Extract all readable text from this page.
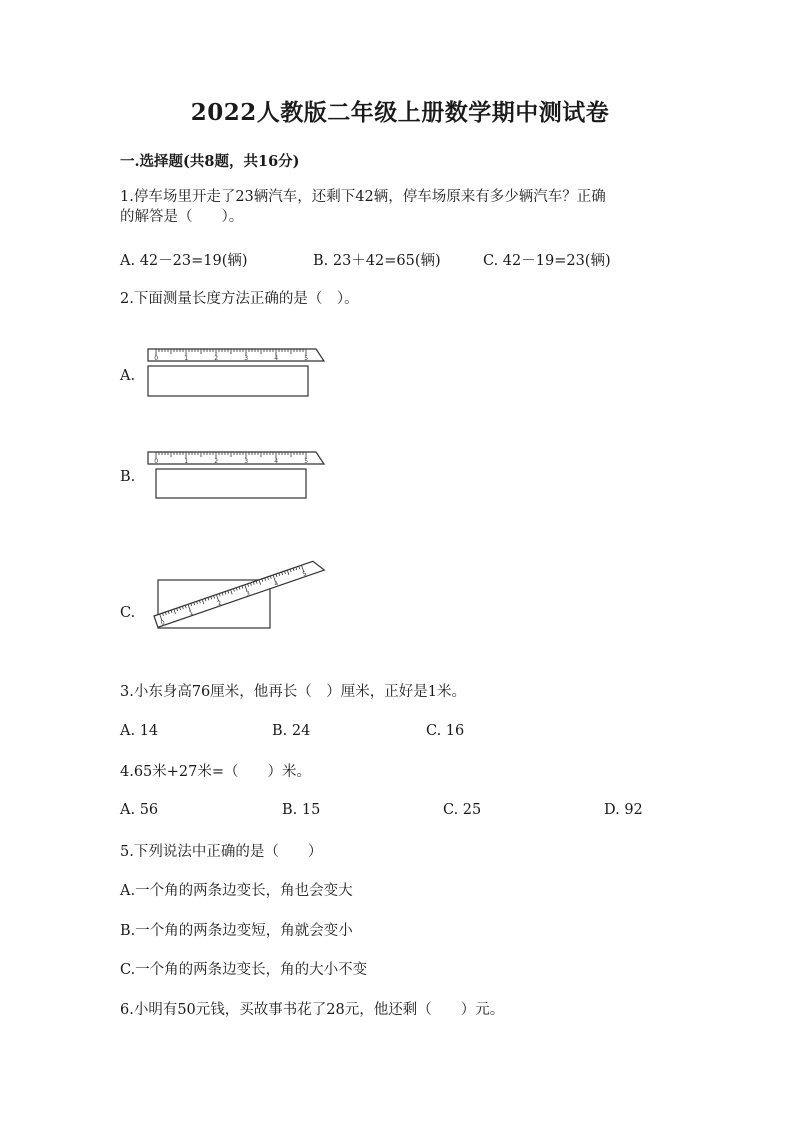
2022人教版二年级上册数学期中测试卷
一.选择题(共8题，共16分)
1.停车场里开走了23辆汽车，还剩下42辆，停车场原来有多少辆汽车？正确
的解答是（　　）。
A. 42－23=19(辆)	B. 23＋42=65(辆)	C. 42－19=23(辆)
2.下面测量长度方法正确的是（　）。
A.
0	1	2	3	4	5
B.
0	1	2	3	4	5
C.
0
1
2
3
4
5
3.小东身高76厘米，他再长（　）厘米，正好是1米。
A. 14	B. 24	C. 16
4.65米+27米=（　　）米。
A. 56	B. 15	C. 25	D. 92
5.下列说法中正确的是（　　）
A.一个角的两条边变长，角也会变大
B.一个角的两条边变短，角就会变小
C.一个角的两条边变长，角的大小不变
6.小明有50元钱，买故事书花了28元，他还剩（　　）元。
